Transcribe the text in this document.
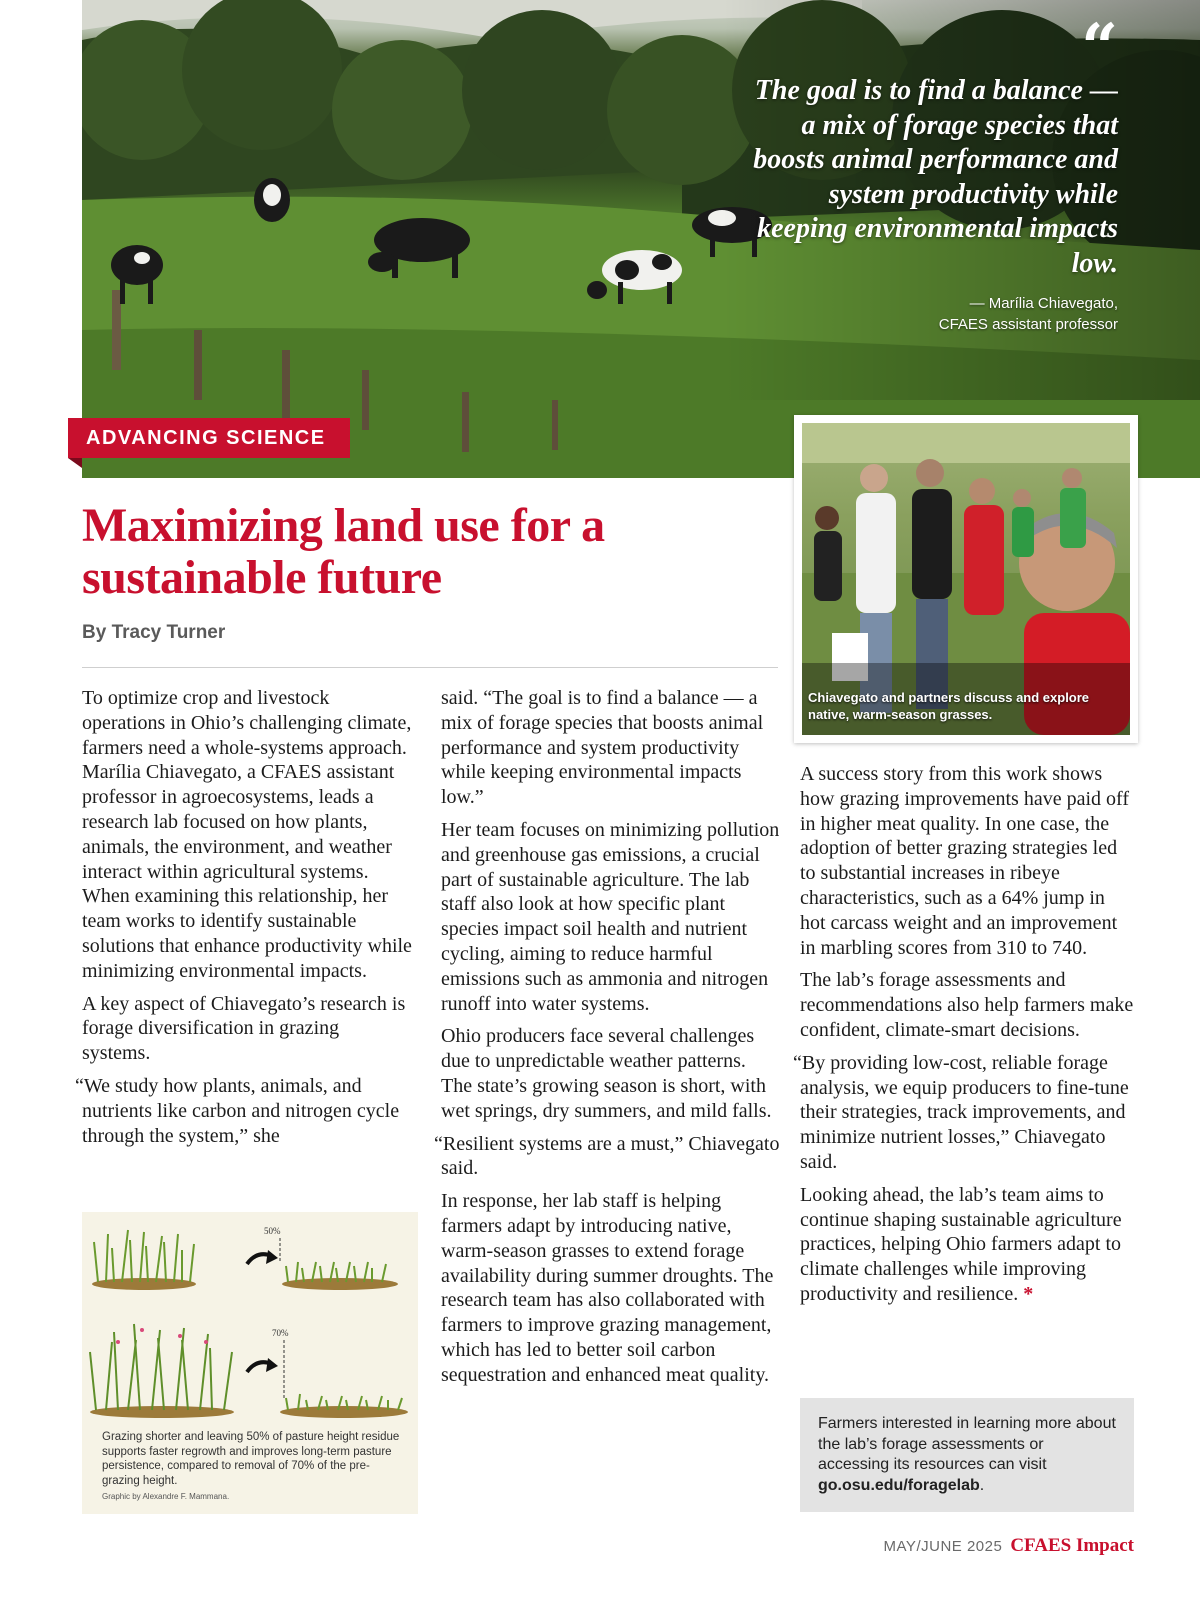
“
The goal is to find a balance — a mix of forage species that boosts animal performance and system productivity while keeping environmental impacts low.
— Marília Chiavegato,
CFAES assistant professor
ADVANCING SCIENCE
Maximizing land use for a sustainable future
By Tracy Turner
Chiavegato and partners discuss and explore native, warm-season grasses.

To optimize crop and livestock operations in Ohio’s challenging climate, farmers need a whole-systems approach. Marília Chiavegato, a CFAES assistant professor in agroecosystems, leads a research lab focused on how plants, animals, the environment, and weather interact within agricultural systems. When examining this relationship, her team works to identify sustainable solutions that enhance productivity while minimizing environmental impacts.

A key aspect of Chiavegato’s research is forage diversification in grazing systems.

“We study how plants, animals, and nutrients like carbon and nitrogen cycle through the system,” she

50%
70%
Grazing shorter and leaving 50% of pasture height residue supports faster regrowth and improves long-term pasture persistence, compared to removal of 70% of the pre-grazing height.
Graphic by Alexandre F. Mammana.

said. “The goal is to find a balance — a mix of forage species that boosts animal performance and system productivity while keeping environmental impacts low.”

Her team focuses on minimizing pollution and greenhouse gas emissions, a crucial part of sustainable agriculture. The lab staff also look at how specific plant species impact soil health and nutrient cycling, aiming to reduce harmful emissions such as ammonia and nitrogen runoff into water systems.

Ohio producers face several challenges due to unpredictable weather patterns. The state’s growing season is short, with wet springs, dry summers, and mild falls.

“Resilient systems are a must,” Chiavegato said.

In response, her lab staff is helping farmers adapt by introducing native, warm-season grasses to extend forage availability during summer droughts. The research team has also collaborated with farmers to improve grazing management, which has led to better soil carbon sequestration and enhanced meat quality.

A success story from this work shows how grazing improvements have paid off in higher meat quality. In one case, the adoption of better grazing strategies led to substantial increases in ribeye characteristics, such as a 64% jump in hot carcass weight and an improvement in marbling scores from 310 to 740.

The lab’s forage assessments and recommendations also help farmers make confident, climate-smart decisions.

“By providing low-cost, reliable forage analysis, we equip producers to fine-tune their strategies, track improvements, and minimize nutrient losses,” Chiavegato said.

Looking ahead, the lab’s team aims to continue shaping sustainable agriculture practices, helping Ohio farmers adapt to climate challenges while improving productivity and resilience. *

Farmers interested in learning more about the lab’s forage assessments or accessing its resources can visit go.osu.edu/foragelab.
MAY/JUNE 2025 CFAES Impact
